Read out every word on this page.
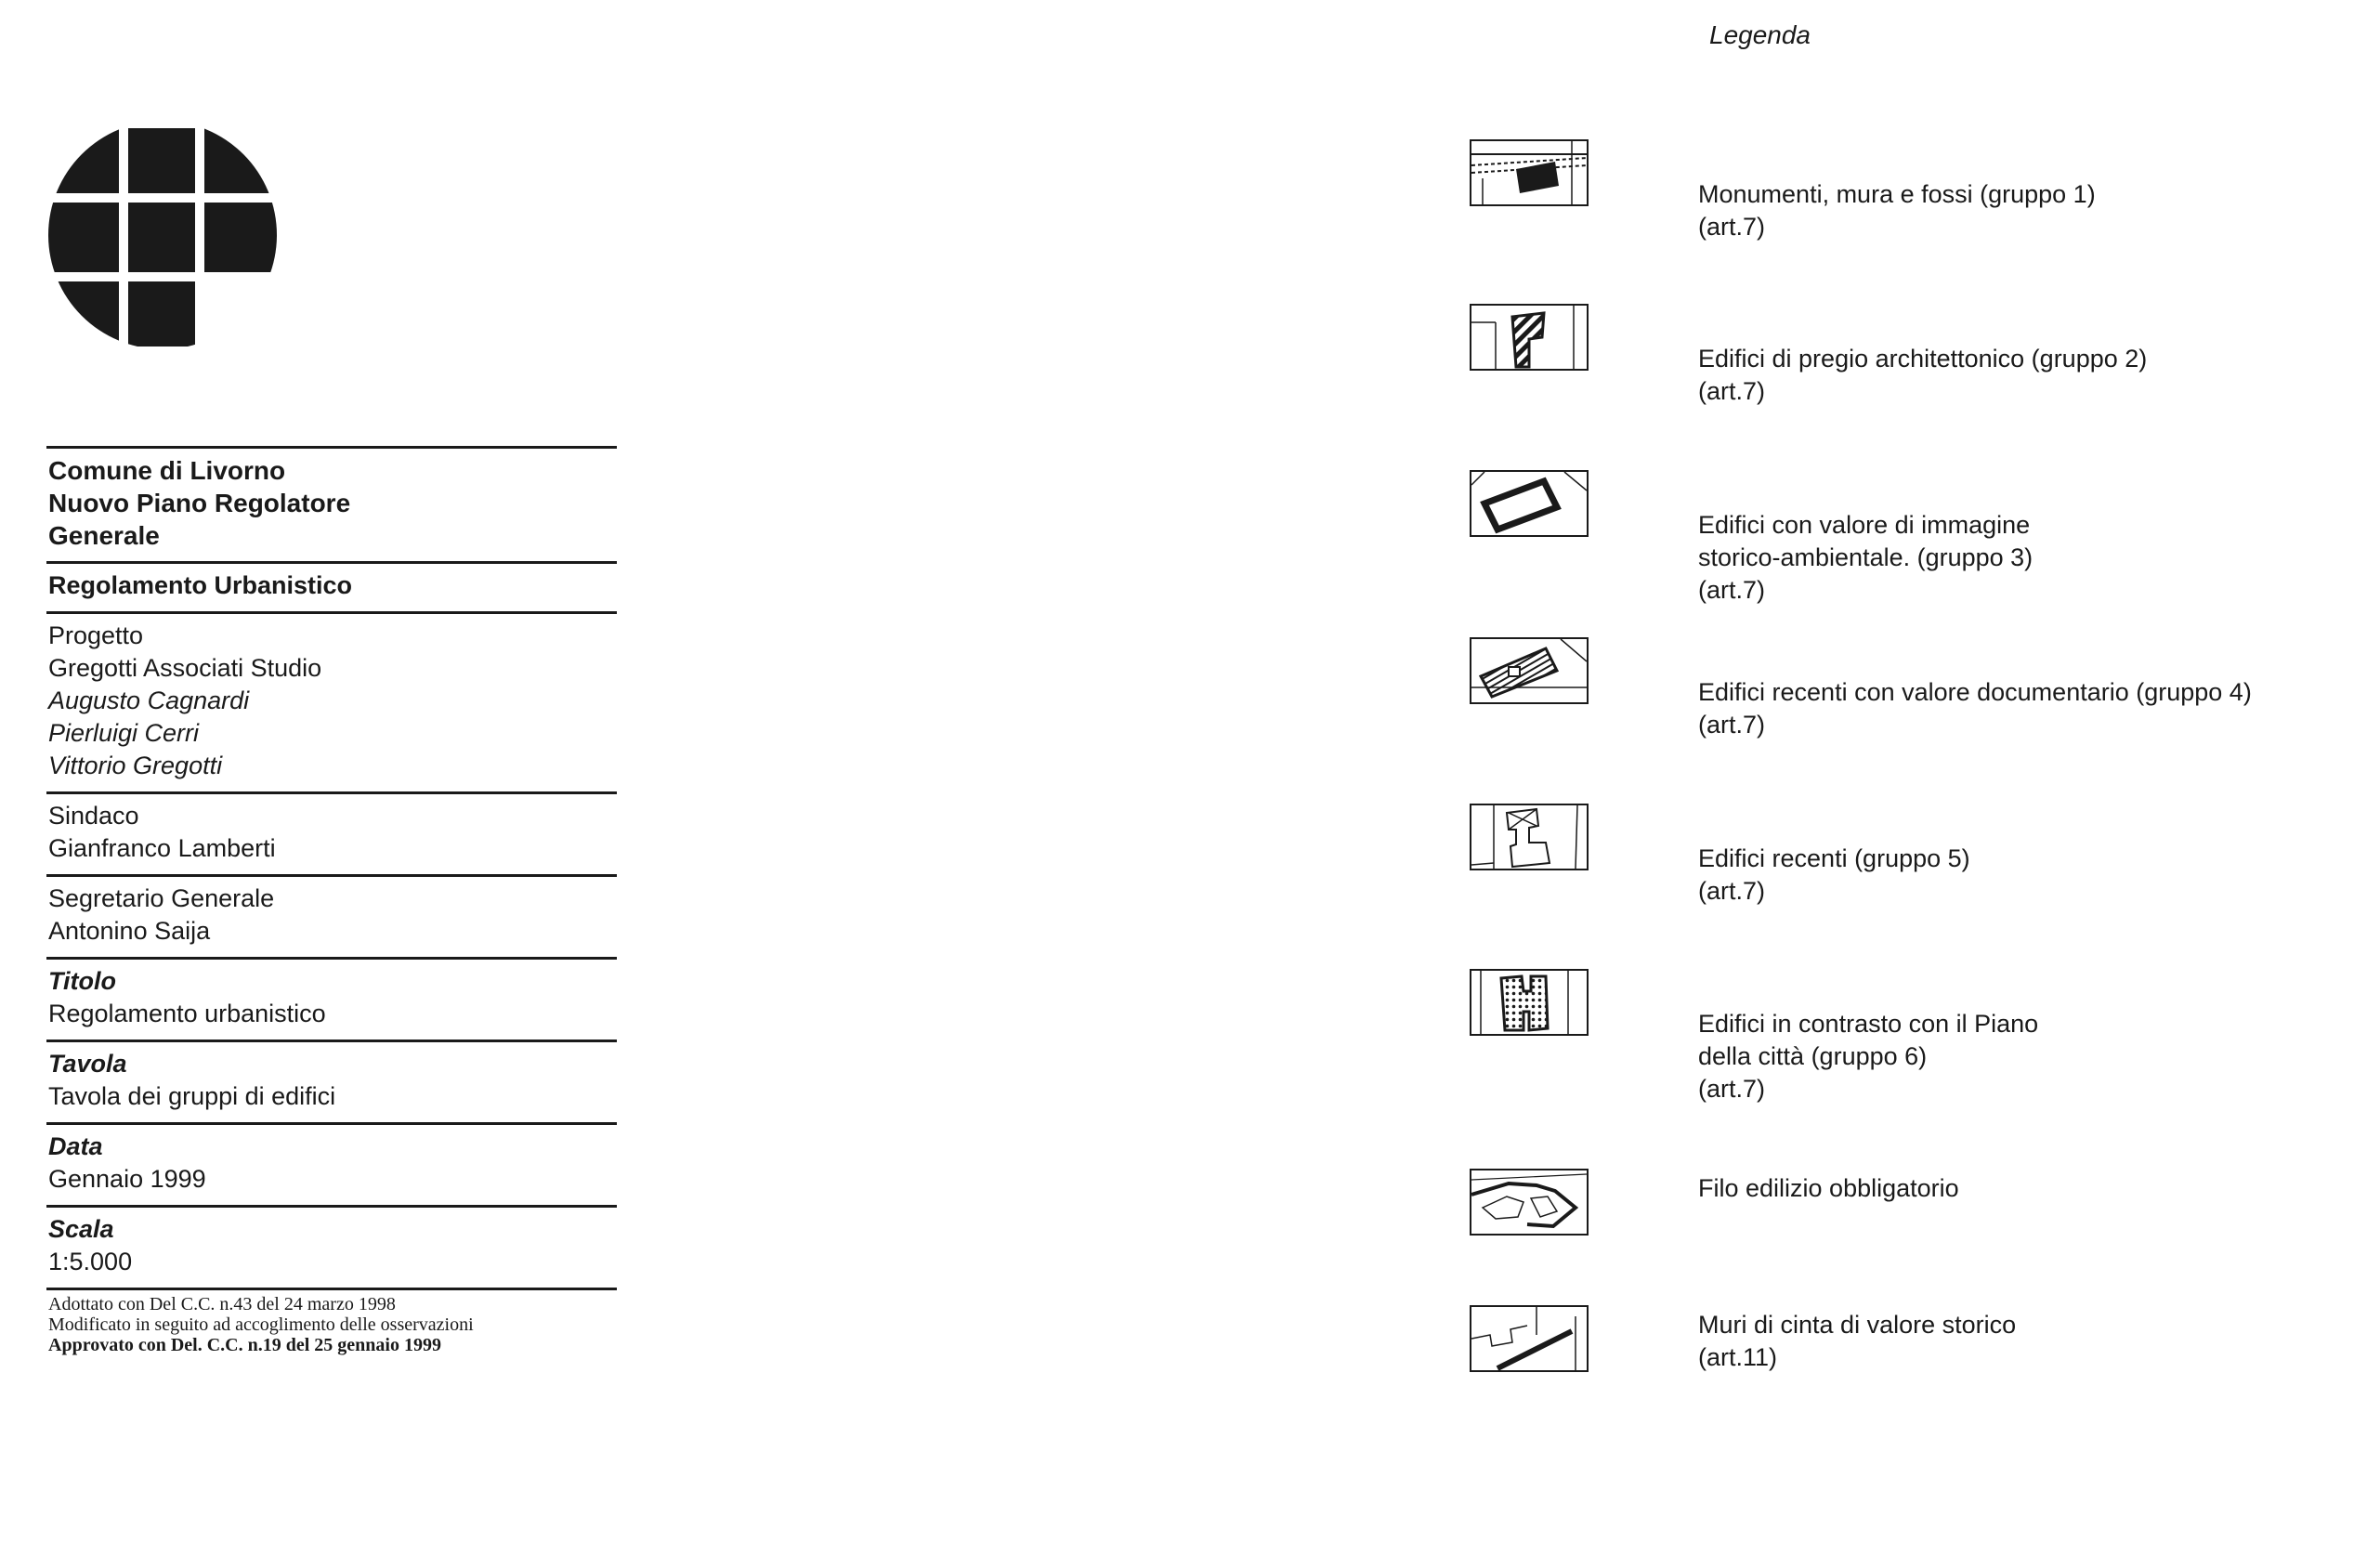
Comune di Livorno
Nuovo Piano Regolatore
Generale
Regolamento Urbanistico
Progetto
Gregotti Associati Studio
Augusto Cagnardi
Pierluigi Cerri
Vittorio Gregotti
Sindaco
Gianfranco Lamberti
Segretario Generale
Antonino Saija
Titolo
Regolamento urbanistico
Tavola
Tavola dei gruppi di edifici
Data
Gennaio 1999
Scala
1:5.000
Adottato con Del C.C. n.43 del 24 marzo 1998
Modificato in seguito ad accoglimento delle osservazioni
Approvato con Del. C.C. n.19 del 25 gennaio 1999
Legenda
Monumenti, mura e fossi (gruppo 1)
(art.7)
Edifici di pregio architettonico (gruppo 2)
(art.7)
Edifici con valore di immagine
storico-ambientale. (gruppo 3)
(art.7)
Edifici recenti con valore documentario (gruppo 4)
(art.7)
Edifici recenti (gruppo 5)
(art.7)
Edifici in contrasto con il Piano
della città (gruppo 6)
(art.7)
Filo edilizio obbligatorio
Muri di cinta di valore storico
(art.11)
